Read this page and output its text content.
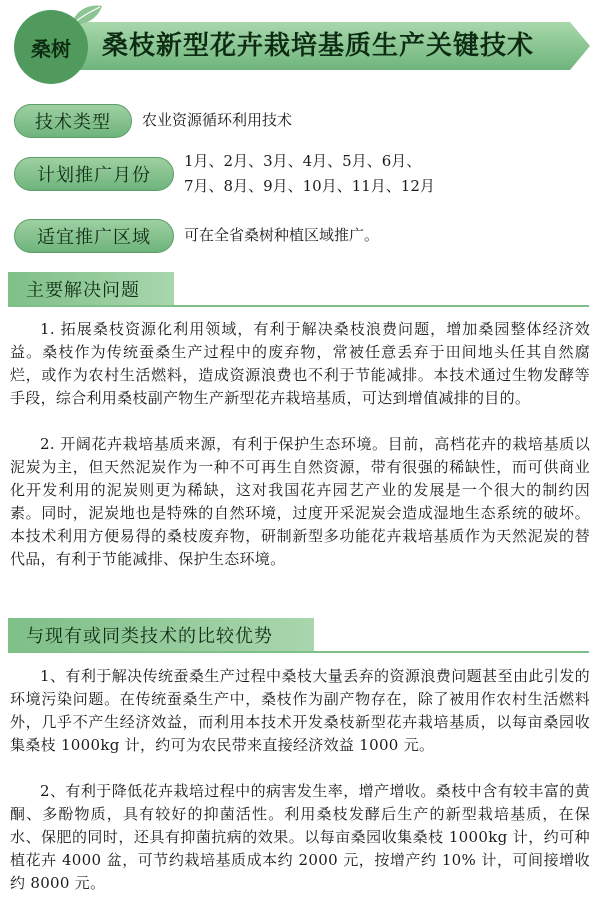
桑树	桑枝新型花卉栽培基质生产关键技术
技术类型	农业资源循环利用技术
计划推广月份
1月、2月、3月、4月、5月、6月、
7月、8月、9月、10月、11月、12月
适宜推广区域	可在全省桑树种植区域推广。
主要解决问题

1. 拓展桑枝资源化利用领域，有利于解决桑枝浪费问题，增加桑园整体经济效益。桑枝作为传统蚕桑生产过程中的废弃物，常被任意丢弃于田间地头任其自然腐烂，或作为农村生活燃料，造成资源浪费也不利于节能减排。本技术通过生物发酵等手段，综合利用桑枝副产物生产新型花卉栽培基质，可达到增值减排的目的。

2. 开阔花卉栽培基质来源，有利于保护生态环境。目前，高档花卉的栽培基质以泥炭为主，但天然泥炭作为一种不可再生自然资源，带有很强的稀缺性，而可供商业化开发利用的泥炭则更为稀缺，这对我国花卉园艺产业的发展是一个很大的制约因素。同时，泥炭地也是特殊的自然环境，过度开采泥炭会造成湿地生态系统的破坏。本技术利用方便易得的桑枝废弃物，研制新型多功能花卉栽培基质作为天然泥炭的替代品，有利于节能减排、保护生态环境。

与现有或同类技术的比较优势

1、有利于解决传统蚕桑生产过程中桑枝大量丢弃的资源浪费问题甚至由此引发的环境污染问题。在传统蚕桑生产中，桑枝作为副产物存在，除了被用作农村生活燃料外，几乎不产生经济效益，而利用本技术开发桑枝新型花卉栽培基质，以每亩桑园收集桑枝 1000kg 计，约可为农民带来直接经济效益 1000 元。

2、有利于降低花卉栽培过程中的病害发生率，增产增收。桑枝中含有较丰富的黄酮、多酚物质，具有较好的抑菌活性。利用桑枝发酵后生产的新型栽培基质，在保水、保肥的同时，还具有抑菌抗病的效果。以每亩桑园收集桑枝 1000kg 计，约可种植花卉 4000 盆，可节约栽培基质成本约 2000 元，按增产约 10% 计，可间接增收约 8000 元。
